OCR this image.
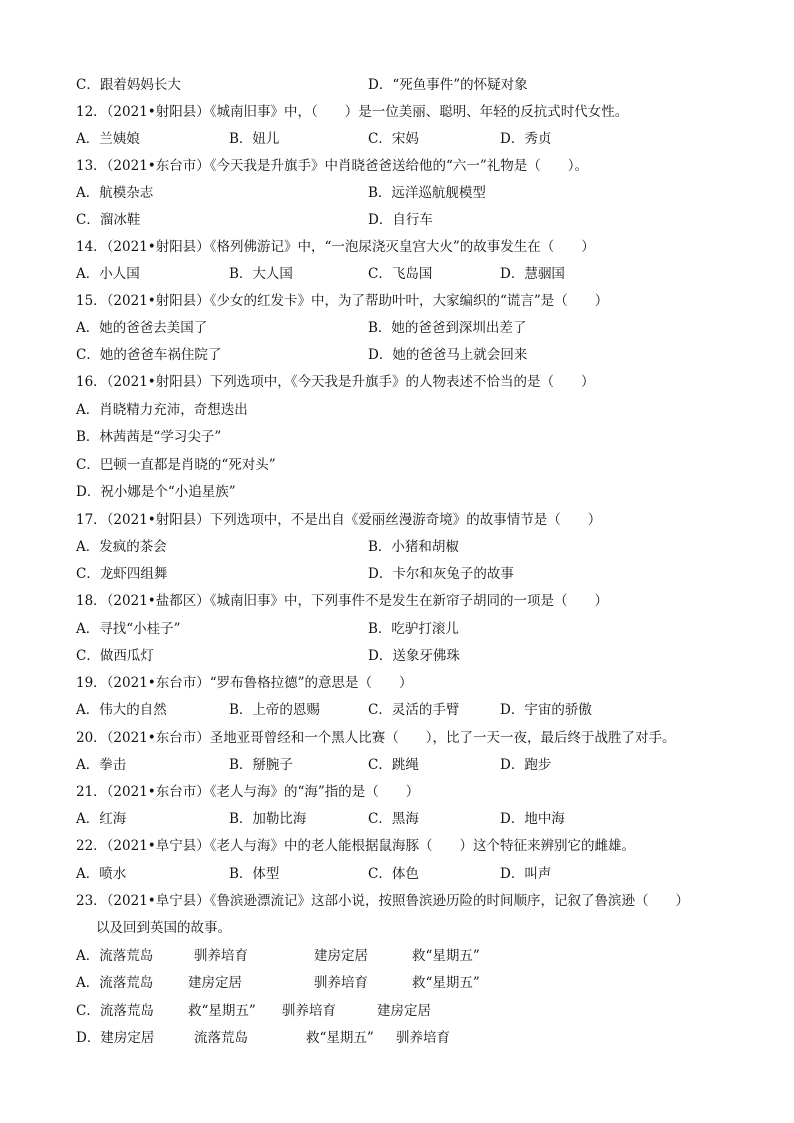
C．跟着妈妈长大	D．“死鱼事件”的怀疑对象
12．（2021•射阳县）《城南旧事》中，（　　）是一位美丽、聪明、年轻的反抗式时代女性。
A．兰姨娘	B．妞儿	C．宋妈	D．秀贞
13．（2021•东台市）《今天我是升旗手》中肖晓爸爸送给他的“六一”礼物是（　　）。
A．航模杂志	B．远洋巡航舰模型
C．溜冰鞋	D．自行车
14．（2021•射阳县）《格列佛游记》中，“一泡尿浇灭皇宫大火”的故事发生在（　　）
A．小人国	B．大人国	C．飞岛国	D．慧骃国
15．（2021•射阳县）《少女的红发卡》中，为了帮助叶叶，大家编织的“谎言”是（　　）
A．她的爸爸去美国了	B．她的爸爸到深圳出差了
C．她的爸爸车祸住院了	D．她的爸爸马上就会回来
16．（2021•射阳县）下列选项中，《今天我是升旗手》的人物表述不恰当的是（　　）
A．肖晓精力充沛，奇想迭出
B．林茜茜是“学习尖子”
C．巴顿一直都是肖晓的“死对头”
D．祝小娜是个“小追星族”
17．（2021•射阳县）下列选项中，不是出自《爱丽丝漫游奇境》的故事情节是（　　）
A．发疯的茶会	B．小猪和胡椒
C．龙虾四组舞	D．卡尔和灰兔子的故事
18．（2021•盐都区）《城南旧事》中，下列事件不是发生在新帘子胡同的一项是（　　）
A．寻找“小桂子”	B．吃驴打滚儿
C．做西瓜灯	D．送象牙佛珠
19．（2021•东台市）“罗布鲁格拉德”的意思是（　　）
A．伟大的自然	B．上帝的恩赐	C．灵活的手臂	D．宇宙的骄傲
20．（2021•东台市）圣地亚哥曾经和一个黑人比赛（　　），比了一天一夜，最后终于战胜了对手。
A．拳击	B．掰腕子	C．跳绳	D．跑步
21．（2021•东台市）《老人与海》的“海”指的是（　　）
A．红海	B．加勒比海	C．黑海	D．地中海
22．（2021•阜宁县）《老人与海》中的老人能根据鼠海豚（　　）这个特征来辨别它的雌雄。
A．喷水	B．体型	C．体色	D．叫声
23．（2021•阜宁县）《鲁滨逊漂流记》这部小说，按照鲁滨逊历险的时间顺序，记叙了鲁滨逊（　　）
以及回到英国的故事。
A．流落荒岛	驯养培育	建房定居	救“星期五”
A．流落荒岛	建房定居	驯养培育	救“星期五”
C．流落荒岛	救“星期五” 驯养培育	建房定居
D．建房定居	流落荒岛	救“星期五” 驯养培育
